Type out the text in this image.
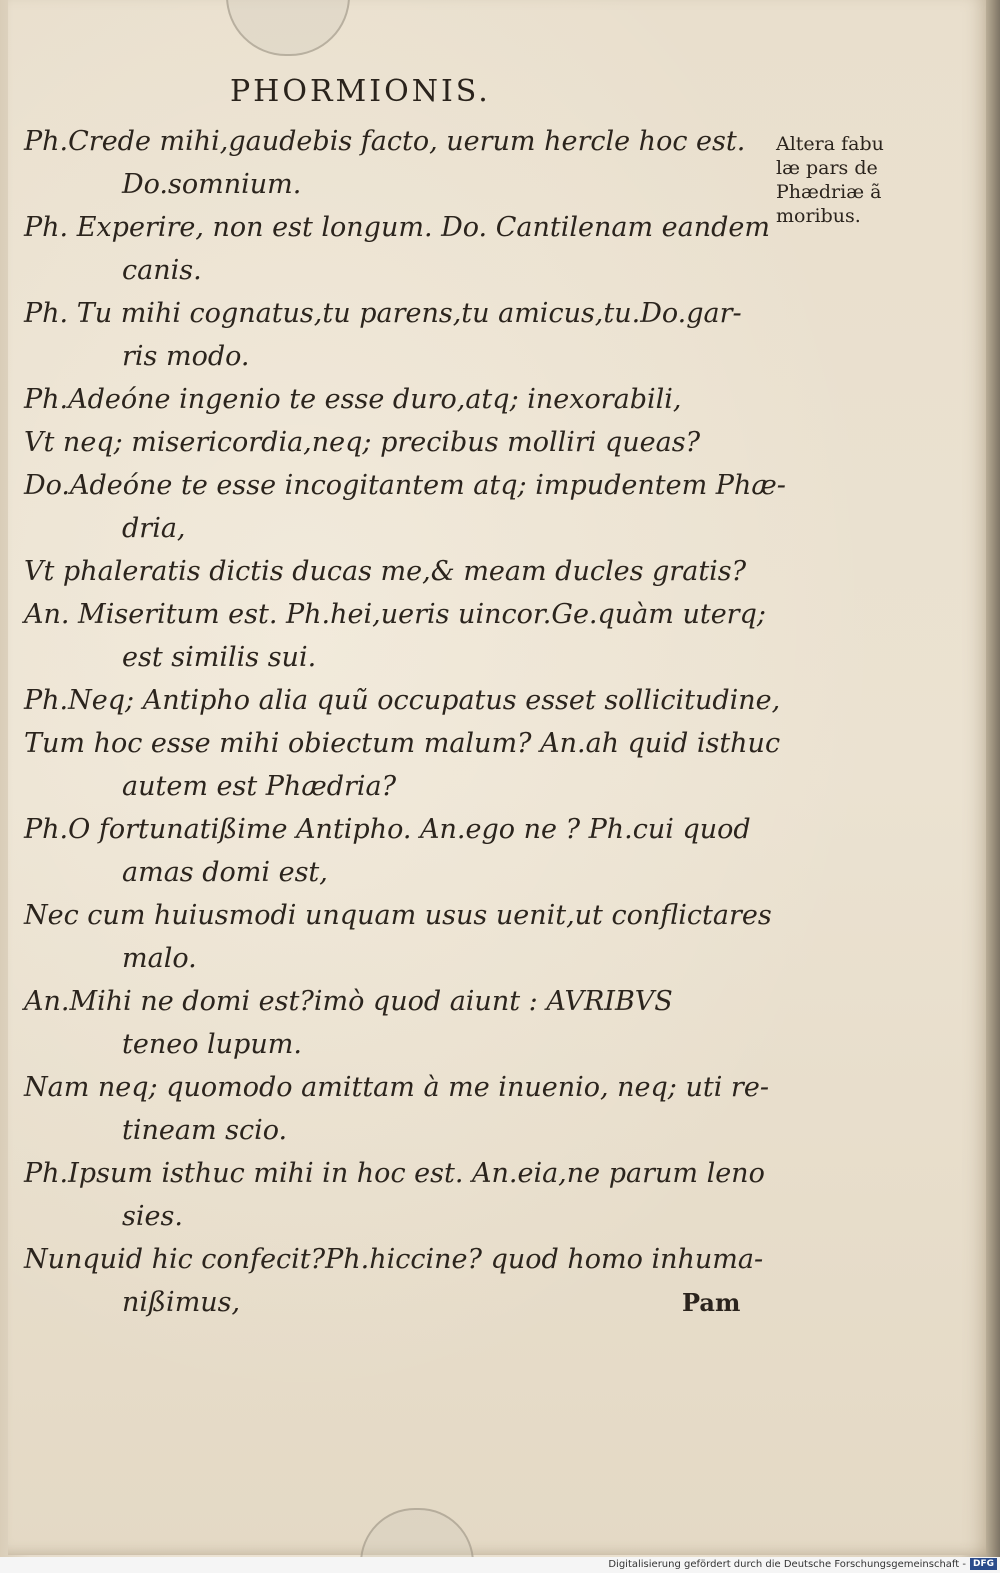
PHORMIONIS.
Altera fabu
læ pars de
Phædriæ ã
moribus.
Ph.Crede mihi,gaudebis facto, uerum hercle hoc est.
Do.somnium.
Ph. Experire, non est longum. Do. Cantilenam eandem
canis.
Ph. Tu mihi cognatus,tu parens,tu amicus,tu.Do.gar-
ris modo.
Ph.Adeóne ingenio te esse duro,atq; inexorabili,
Vt neq; misericordia,neq; precibus molliri queas?
Do.Adeóne te esse incogitantem atq; impudentem Phæ-
dria,
Vt phaleratis dictis ducas me,& meam ducles gratis?
An. Miseritum est. Ph.hei,ueris uincor.Ge.quàm uterq;
est similis sui.
Ph.Neq; Antipho alia quũ occupatus esset sollicitudine,
Tum hoc esse mihi obiectum malum? An.ah quid isthuc
autem est Phædria?
Ph.O fortunatißime Antipho. An.ego ne ? Ph.cui quod
amas domi est,
Nec cum huiusmodi unquam usus uenit,ut conflictares
malo.
An.Mihi ne domi est?imò quod aiunt : AVRIBVS
teneo lupum.
Nam neq; quomodo amittam à me inuenio, neq; uti re-
tineam scio.
Ph.Ipsum isthuc mihi in hoc est. An.eia,ne parum leno
sies.
Nunquid hic confecit?Ph.hiccine? quod homo inhuma-
nißimus,	Pam
Digitalisierung gefördert durch die Deutsche Forschungsgemeinschaft - DFG
